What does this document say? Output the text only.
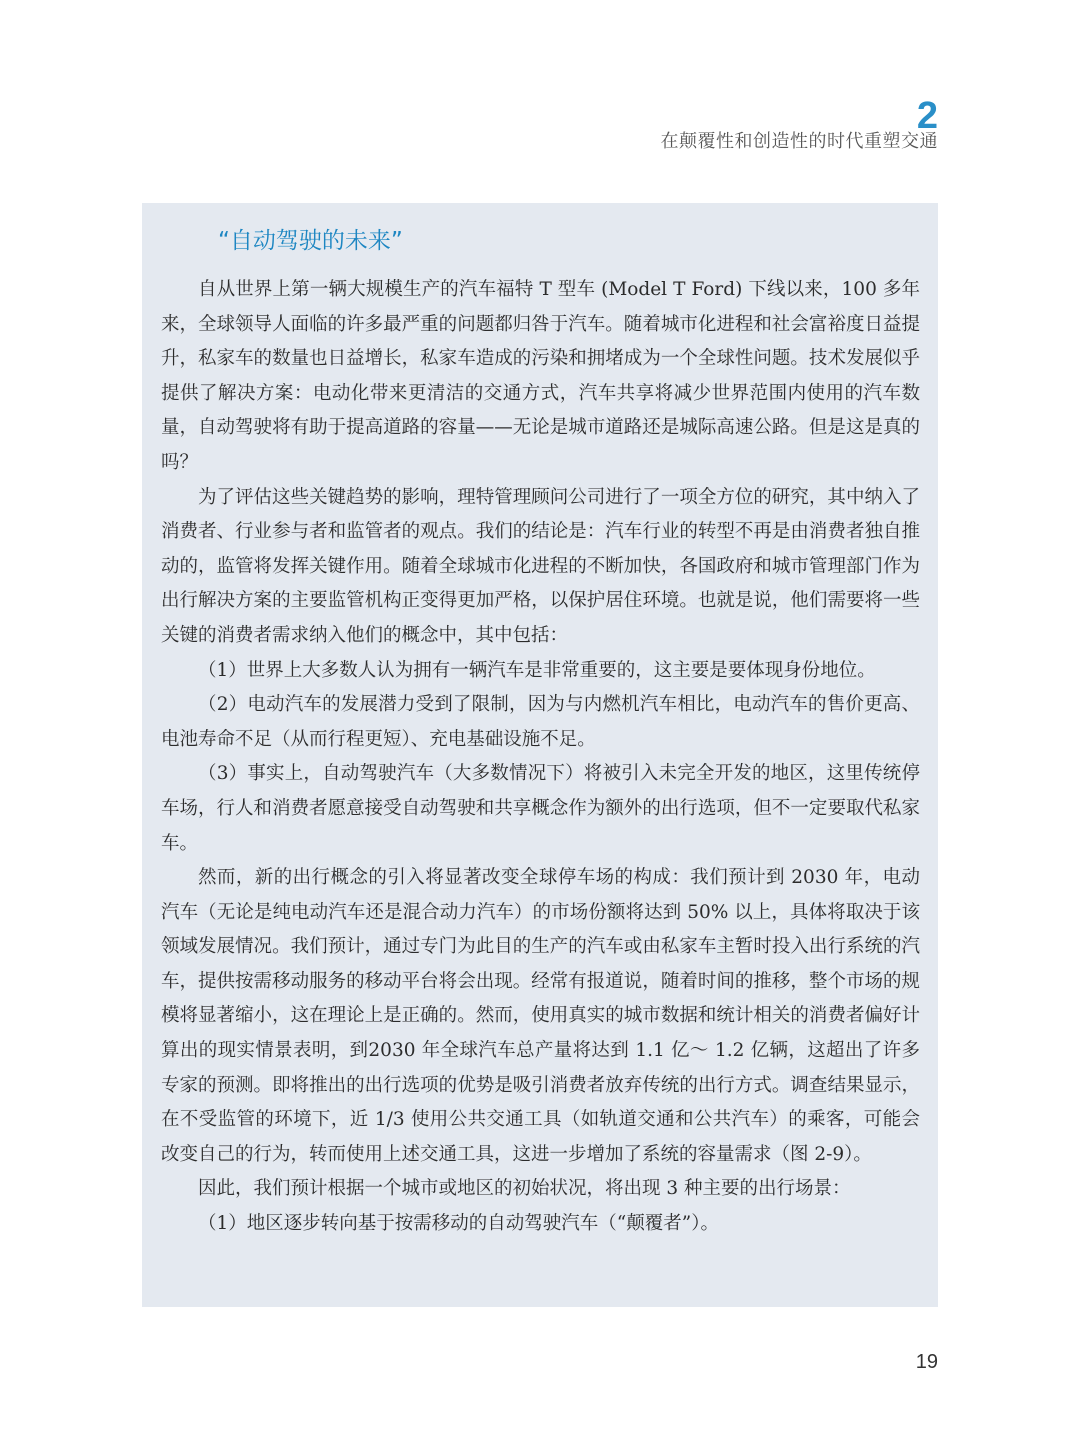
2
在颠覆性和创造性的时代重塑交通
“自动驾驶的未来”

自从世界上第一辆大规模生产的汽车福特 T 型车 (Model T Ford) 下线以来，100 多年来，全球领导人面临的许多最严重的问题都归咎于汽车。随着城市化进程和社会富裕度日益提升，私家车的数量也日益增长，私家车造成的污染和拥堵成为一个全球性问题。技术发展似乎提供了解决方案：电动化带来更清洁的交通方式，汽车共享将减少世界范围内使用的汽车数量，自动驾驶将有助于提高道路的容量——无论是城市道路还是城际高速公路。但是这是真的吗？

为了评估这些关键趋势的影响，理特管理顾问公司进行了一项全方位的研究，其中纳入了消费者、行业参与者和监管者的观点。我们的结论是：汽车行业的转型不再是由消费者独自推动的，监管将发挥关键作用。随着全球城市化进程的不断加快，各国政府和城市管理部门作为出行解决方案的主要监管机构正变得更加严格，以保护居住环境。也就是说，他们需要将一些关键的消费者需求纳入他们的概念中，其中包括：

（1）世界上大多数人认为拥有一辆汽车是非常重要的，这主要是要体现身份地位。

（2）电动汽车的发展潜力受到了限制，因为与内燃机汽车相比，电动汽车的售价更高、电池寿命不足（从而行程更短）、充电基础设施不足。

（3）事实上，自动驾驶汽车（大多数情况下）将被引入未完全开发的地区，这里传统停车场，行人和消费者愿意接受自动驾驶和共享概念作为额外的出行选项，但不一定要取代私家车。

然而，新的出行概念的引入将显著改变全球停车场的构成：我们预计到 2030 年，电动汽车（无论是纯电动汽车还是混合动力汽车）的市场份额将达到 50% 以上，具体将取决于该领域发展情况。我们预计，通过专门为此目的生产的汽车或由私家车主暂时投入出行系统的汽车，提供按需移动服务的移动平台将会出现。经常有报道说，随着时间的推移，整个市场的规模将显著缩小，这在理论上是正确的。然而，使用真实的城市数据和统计相关的消费者偏好计算出的现实情景表明，到2030 年全球汽车总产量将达到 1.1 亿～ 1.2 亿辆，这超出了许多专家的预测。即将推出的出行选项的优势是吸引消费者放弃传统的出行方式。调查结果显示，在不受监管的环境下，近 1/3 使用公共交通工具（如轨道交通和公共汽车）的乘客，可能会改变自己的行为，转而使用上述交通工具，这进一步增加了系统的容量需求（图 2-9）。

因此，我们预计根据一个城市或地区的初始状况，将出现 3 种主要的出行场景：

（1）地区逐步转向基于按需移动的自动驾驶汽车（“颠覆者”）。

19
